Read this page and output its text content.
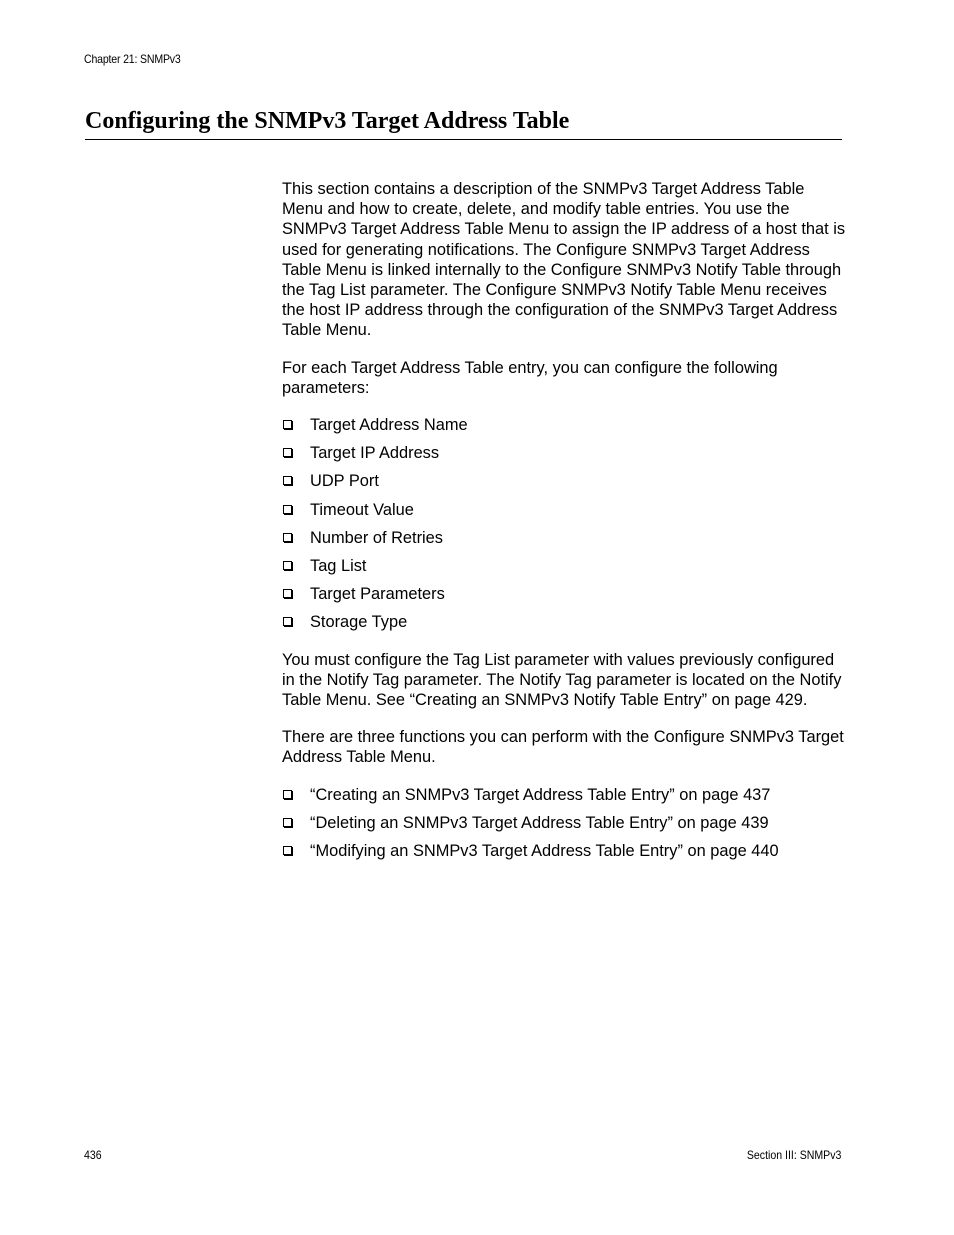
Chapter 21: SNMPv3
Configuring the SNMPv3 Target Address Table

This section contains a description of the SNMPv3 Target Address Table Menu and how to create, delete, and modify table entries. You use the SNMPv3 Target Address Table Menu to assign the IP address of a host that is used for generating notifications. The Configure SNMPv3 Target Address Table Menu is linked internally to the Configure SNMPv3 Notify Table through the Tag List parameter. The Configure SNMPv3 Notify Table Menu receives the host IP address through the configuration of the SNMPv3 Target Address Table Menu.

For each Target Address Table entry, you can configure the following parameters:

Target Address Name
Target IP Address
UDP Port
Timeout Value
Number of Retries
Tag List
Target Parameters
Storage Type

You must configure the Tag List parameter with values previously configured in the Notify Tag parameter. The Notify Tag parameter is located on the Notify Table Menu. See “Creating an SNMPv3 Notify Table Entry” on page 429.

There are three functions you can perform with the Configure SNMPv3 Target Address Table Menu.

“Creating an SNMPv3 Target Address Table Entry” on page 437
“Deleting an SNMPv3 Target Address Table Entry” on page 439
“Modifying an SNMPv3 Target Address Table Entry” on page 440
436	Section III: SNMPv3
